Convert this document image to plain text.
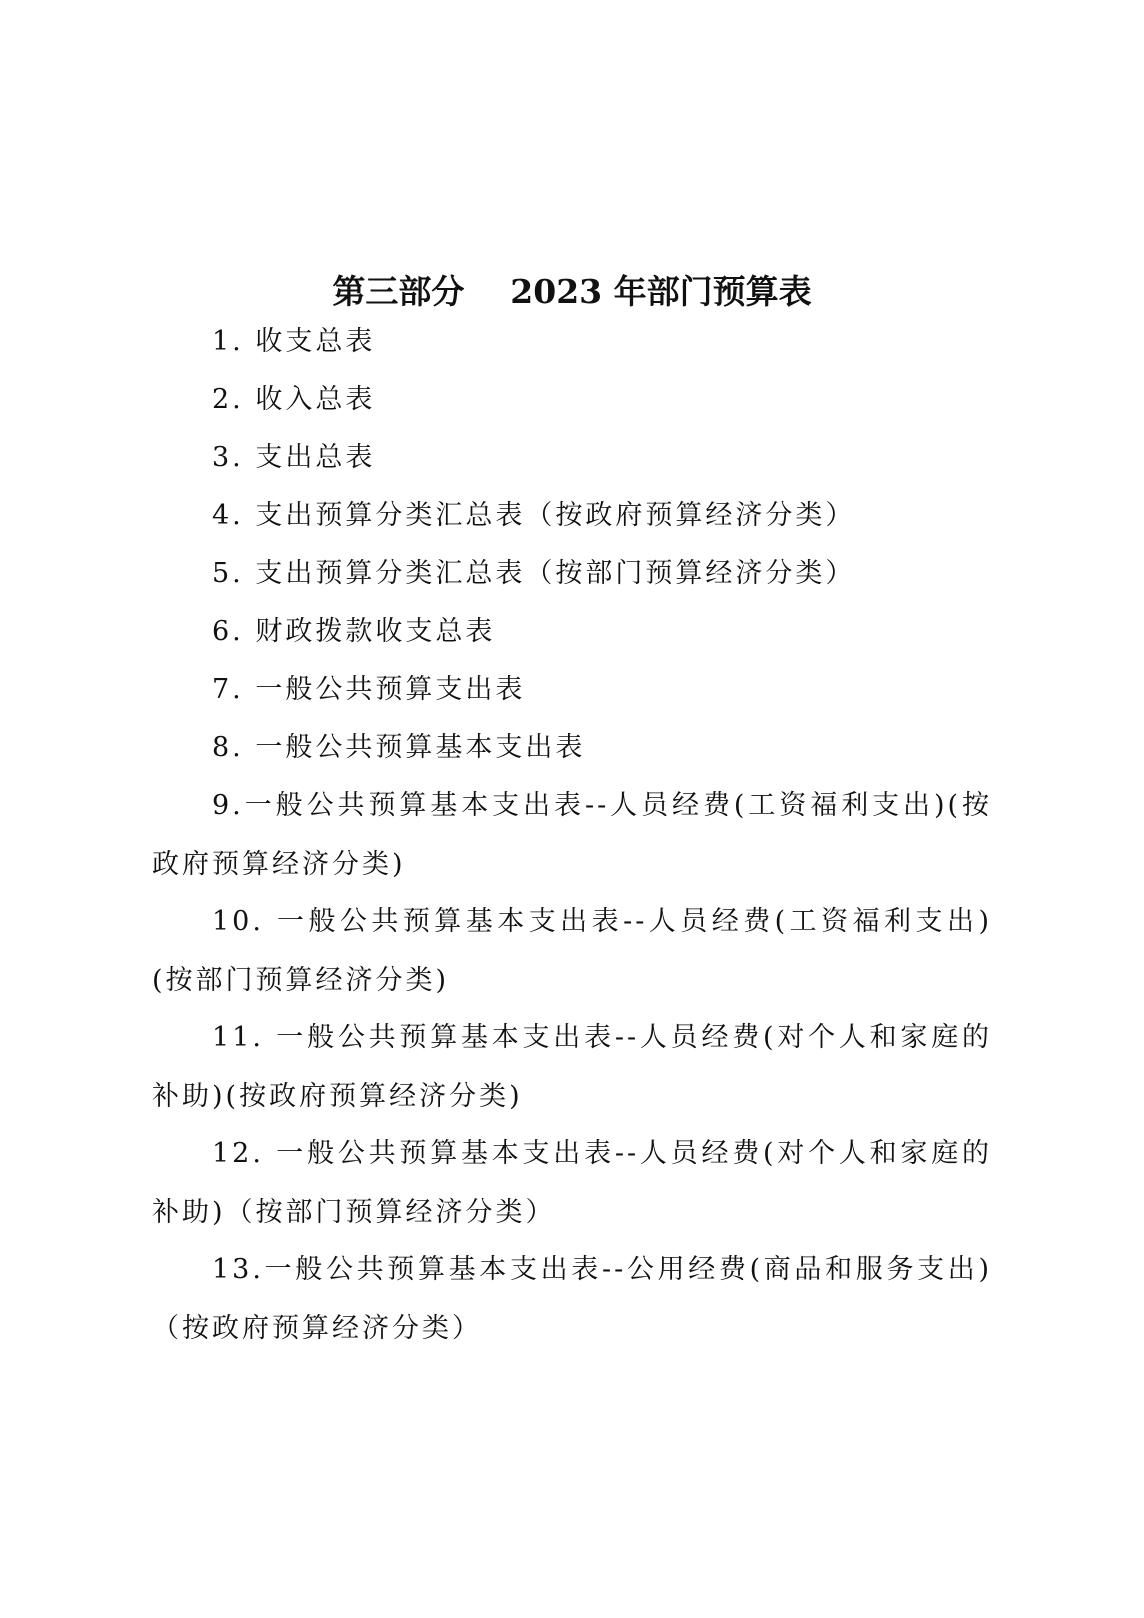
第三部分    2023 年部门预算表
1. 收支总表
2. 收入总表
3. 支出总表
4. 支出预算分类汇总表（按政府预算经济分类）
5. 支出预算分类汇总表（按部门预算经济分类）
6. 财政拨款收支总表
7. 一般公共预算支出表
8. 一般公共预算基本支出表
9.一般公共预算基本支出表--人员经费(工资福利支出)(按政府预算经济分类)
10. 一般公共预算基本支出表--人员经费(工资福利支出)(按部门预算经济分类)
11. 一般公共预算基本支出表--人员经费(对个人和家庭的补助)(按政府预算经济分类)
12. 一般公共预算基本支出表--人员经费(对个人和家庭的补助)（按部门预算经济分类）
13.一般公共预算基本支出表--公用经费(商品和服务支出)（按政府预算经济分类）
